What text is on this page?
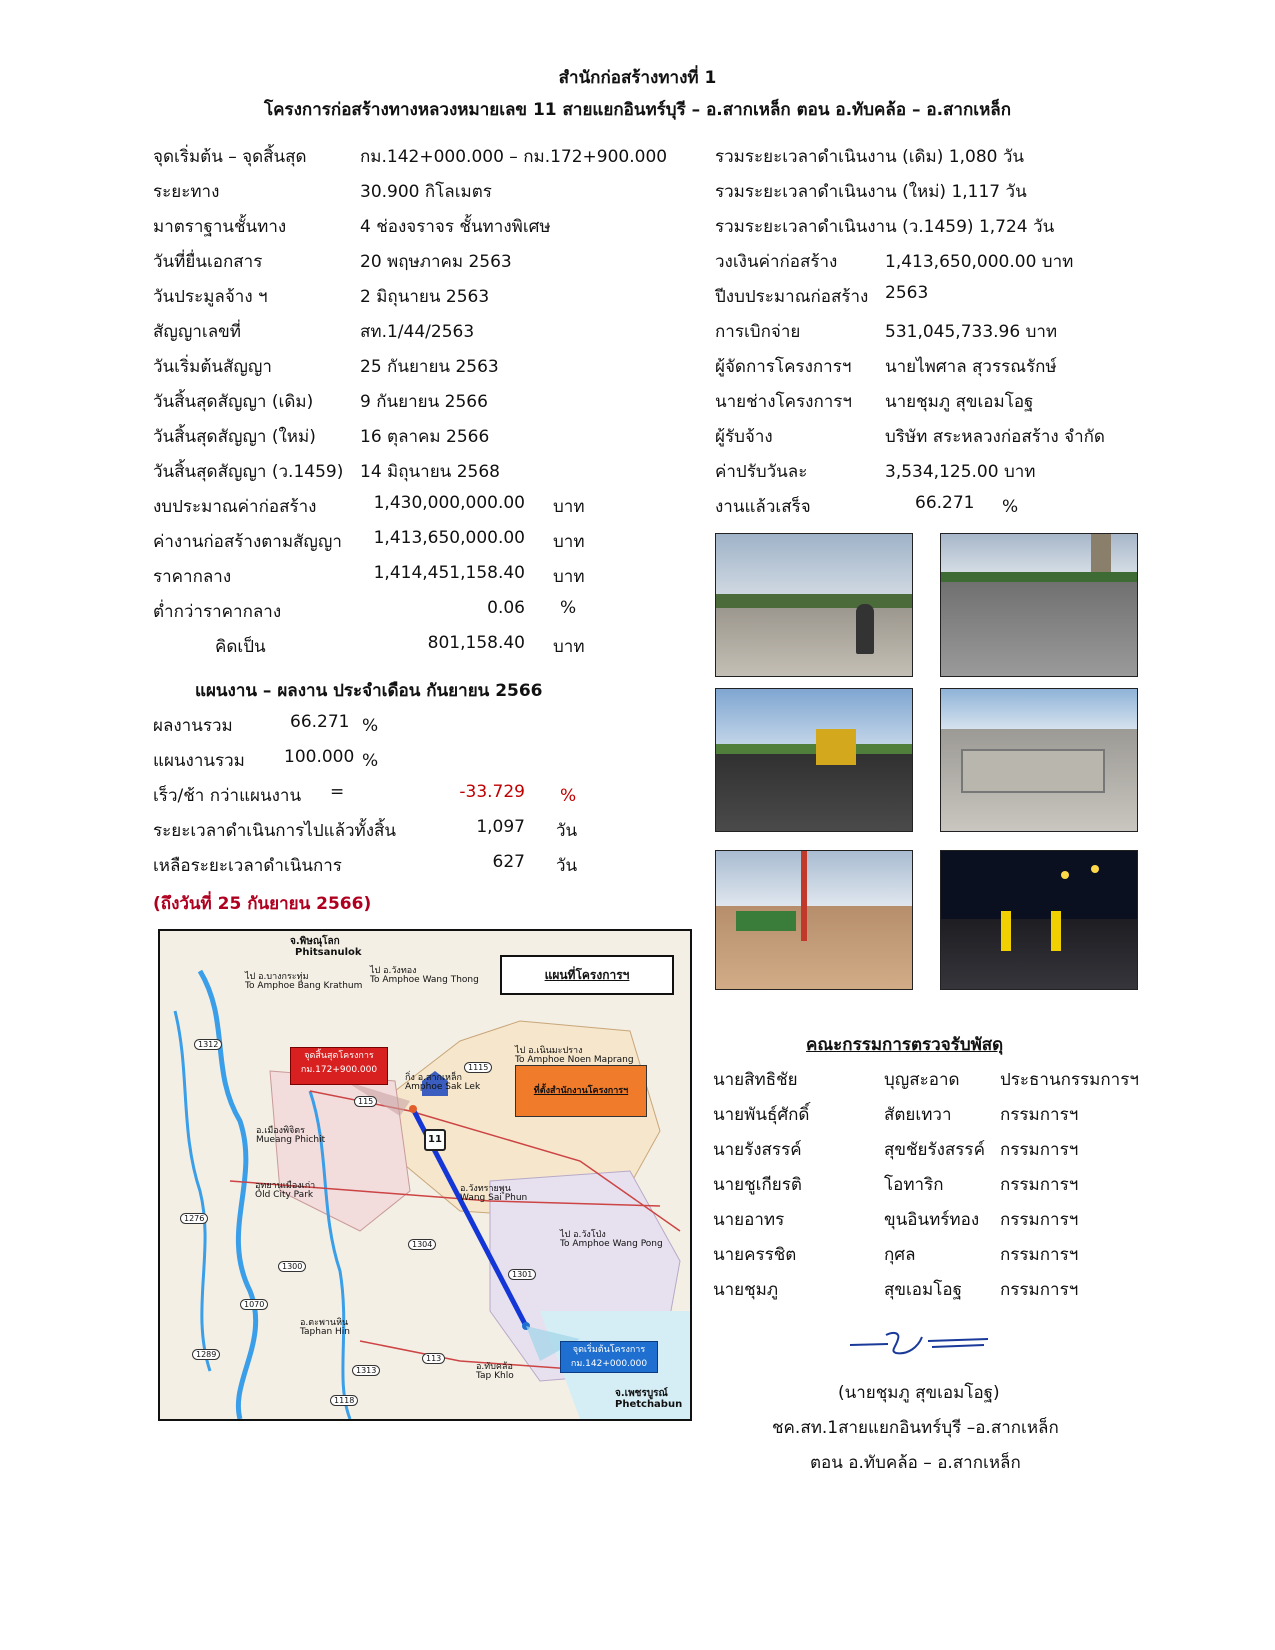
สำนักก่อสร้างทางที่ 1
โครงการก่อสร้างทางหลวงหมายเลข 11 สายแยกอินทร์บุรี – อ.สากเหล็ก ตอน อ.ทับคล้อ – อ.สากเหล็ก
จุดเริ่มต้น – จุดสิ้นสุด	กม.142+000.000 – กม.172+900.000
ระยะทาง	30.900 กิโลเมตร
มาตราฐานชั้นทาง	4 ช่องจราจร ชั้นทางพิเศษ
วันที่ยื่นเอกสาร	20 พฤษภาคม 2563
วันประมูลจ้าง ฯ	2 มิถุนายน 2563
สัญญาเลขที่	สท.1/44/2563
วันเริ่มต้นสัญญา	25 กันยายน 2563
วันสิ้นสุดสัญญา (เดิม)	9 กันยายน 2566
วันสิ้นสุดสัญญา (ใหม่)	16 ตุลาคม 2566
วันสิ้นสุดสัญญา (ว.1459) 14 มิถุนายน 2568
งบประมาณค่าก่อสร้าง	1,430,000,000.00 บาท
ค่างานก่อสร้างตามสัญญา	1,413,650,000.00 บาท
ราคากลาง	1,414,451,158.40 บาท
ต่ำกว่าราคากลาง	0.06 %
คิดเป็น	801,158.40 บาท
แผนงาน – ผลงาน ประจำเดือน กันยายน 2566
ผลงานรวม	66.271 %
แผนงานรวม 100.000 %
เร็ว/ช้า กว่าแผนงาน =	-33.729 %
ระยะเวลาดำเนินการไปแล้วทั้งสิ้น	1,097 วัน
เหลือระยะเวลาดำเนินการ	627 วัน
(ถึงวันที่ 25 กันยายน 2566)
รวมระยะเวลาดำเนินงาน (เดิม) 1,080 วัน
รวมระยะเวลาดำเนินงาน (ใหม่) 1,117 วัน
รวมระยะเวลาดำเนินงาน (ว.1459) 1,724 วัน
วงเงินค่าก่อสร้าง	1,413,650,000.00 บาท
ปีงบประมาณก่อสร้าง 2563
การเบิกจ่าย	531,045,733.96 บาท
ผู้จัดการโครงการฯ นายไพศาล สุวรรณรักษ์
นายช่างโครงการฯ นายชุมภู สุขเอมโอฐ
ผู้รับจ้าง	บริษัท สระหลวงก่อสร้าง จำกัด
ค่าปรับวันละ	3,534,125.00 บาท
งานแล้วเสร็จ	66.271 %
จ.พิษณุโลก
Phitsanulok
ไป อ.บางกระทุ่ม
To Amphoe Bang Krathum
ไป อ.วังทอง
To Amphoe Wang Thong	แผนที่โครงการฯ
ไป อ.เนินมะปราง
To Amphoe Noen Maprang
จุดสิ้นสุดโครงการ
กม.172+900.000
กิ่ง อ.สากเหล็ก
Amphoe Sak Lek	ที่ตั้งสำนักงานโครงการฯ
อ.เมืองพิจิตร
Mueang Phichit
อุทยานเมืองเก่า
Old City Park
อ.วังทรายพูน
Wang Sai Phun
ไป อ.วังโป่ง
To Amphoe Wang Pong
อ.ตะพานหิน
Taphan Hin
อ.ทับคล้อ
Tap Khlo
จุดเริ่มต้นโครงการ
กม.142+000.000
จ.เพชรบูรณ์
Phetchabun
11
1312
1115
115
1276
1300
1304
1301
1070
1289
1313
113
1118
คณะกรรมการตรวจรับพัสดุ
นายสิทธิชัย	บุญสะอาด ประธานกรรมการฯ
นายพันธุ์ศักดิ์	สัตยเทวา	กรรมการฯ
นายรังสรรค์	สุขชัยรังสรรค์ กรรมการฯ
นายชูเกียรติ	โอทาริก	กรรมการฯ
นายอาทร	ขุนอินทร์ทอง กรรมการฯ
นายครรชิต	กุศล	กรรมการฯ
นายชุมภู	สุขเอมโอฐ กรรมการฯ
(นายชุมภู สุขเอมโอฐ)
ชค.สท.1สายแยกอินทร์บุรี –อ.สากเหล็ก
ตอน อ.ทับคล้อ – อ.สากเหล็ก
